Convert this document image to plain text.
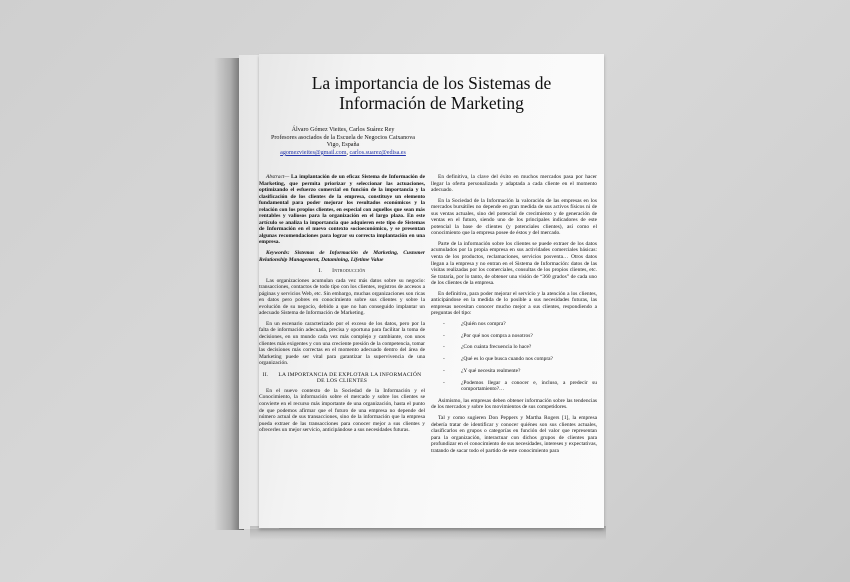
La importancia de los Sistemas de Información de Marketing
Álvaro Gómez Vieites, Carlos Suárez Rey
Profesores asociados de la Escuela de Negocios Caixanova
Vigo, España
agomezvieites@gmail.com, carlos.suarez@edisa.es

Abstract— La implantación de un eficaz Sistema de Información de Marketing, que permita priorizar y seleccionar las actuaciones, optimizando el esfuerzo comercial en función de la importancia y la clasificación de los clientes de la empresa, constituye un elemento fundamental para poder mejorar los resultados económicos y la relación con los propios clientes, en especial con aquellos que sean más rentables y valiosos para la organización en el largo plazo. En este artículo se analiza la importancia que adquieren este tipo de Sistemas de Información en el nuevo contexto socioeconómico, y se presentan algunas recomendaciones para lograr su correcta implantación en una empresa.

Keywords: Sistemas de Información de Marketing, Customer Relationship Management, Datamining, Lifetime Value

I. Introducción

Las organizaciones acumulan cada vez más datos sobre su negocio: transacciones, contactos de todo tipo con los clientes, registros de accesos a páginas y servicios Web, etc. Sin embargo, muchas organizaciones son ricas en datos pero pobres en conocimiento sobre sus clientes y sobre la evolución de su negocio, debido a que no han conseguido implantar un adecuado Sistema de Información de Marketing.

En un escenario caracterizado por el exceso de los datos, pero por la falta de información adecuada, precisa y oportuna para facilitar la toma de decisiones, en un mundo cada vez más complejo y cambiante, con unos clientes más exigentes y con una creciente presión de la competencia, tomar las decisiones más correctas en el momento adecuado dentro del área de Marketing puede ser vital para garantizar la supervivencia de una organización.

II. LA IMPORTANCIA DE EXPLOTAR LA INFORMACIÓN DE LOS CLIENTES

En el nuevo contexto de la Sociedad de la Información y el Conocimiento, la información sobre el mercado y sobre los clientes se convierte en el recurso más importante de una organización, hasta el punto de que podemos afirmar que el futuro de una empresa no depende del número actual de sus transacciones, sino de la información que la empresa pueda extraer de las transacciones para conocer mejor a sus clientes y ofrecerles un mejor servicio, anticipándose a sus necesidades futuras.

En definitiva, la clave del éxito en muchos mercados pasa por hacer llegar la oferta personalizada y adaptada a cada cliente en el momento adecuado.

En la Sociedad de la Información la valoración de las empresas en los mercados bursátiles no depende en gran medida de sus activos físicos ni de sus ventas actuales, sino del potencial de crecimiento y de generación de ventas en el futuro, siendo uno de los principales indicadores de este potencial la base de clientes (y potenciales clientes), así como el conocimiento que la empresa posee de éstos y del mercado.

Parte de la información sobre los clientes se puede extraer de los datos acumulados por la propia empresa en sus actividades comerciales básicas: venta de los productos, reclamaciones, servicios posventa… Otros datos llegan a la empresa y no entran en el Sistema de Información: datos de las visitas realizadas por los comerciales, consultas de los propios clientes, etc. Se trataría, por lo tanto, de obtener una visión de “360 grados” de cada uno de los clientes de la empresa.

En definitiva, para poder mejorar el servicio y la atención a los clientes, anticipándose en la medida de lo posible a sus necesidades futuras, las empresas necesitan conocer mucho mejor a sus clientes, respondiendo a preguntas del tipo:

-	¿Quién nos compra?
-	¿Por qué nos compra a nosotros?
-	¿Con cuánta frecuencia lo hace?
-	¿Qué es lo que busca cuando nos compra?
-	¿Y qué necesita realmente?
-	¿Podemos llegar a conocer e, incluso, a predecir su comportamiento?…

Asimismo, las empresas deben obtener información sobre las tendencias de los mercados y sobre los movimientos de sus competidores.

Tal y como sugieren Don Peppers y Martha Rogers [1], la empresa debería tratar de identificar y conocer quiénes son sus clientes actuales, clasificarlos en grupos o categorías en función del valor que representan para la organización, interactuar con dichos grupos de clientes para profundizar en el conocimiento de sus necesidades, intereses y expectativas, tratando de sacar todo el partido de este conocimiento para
